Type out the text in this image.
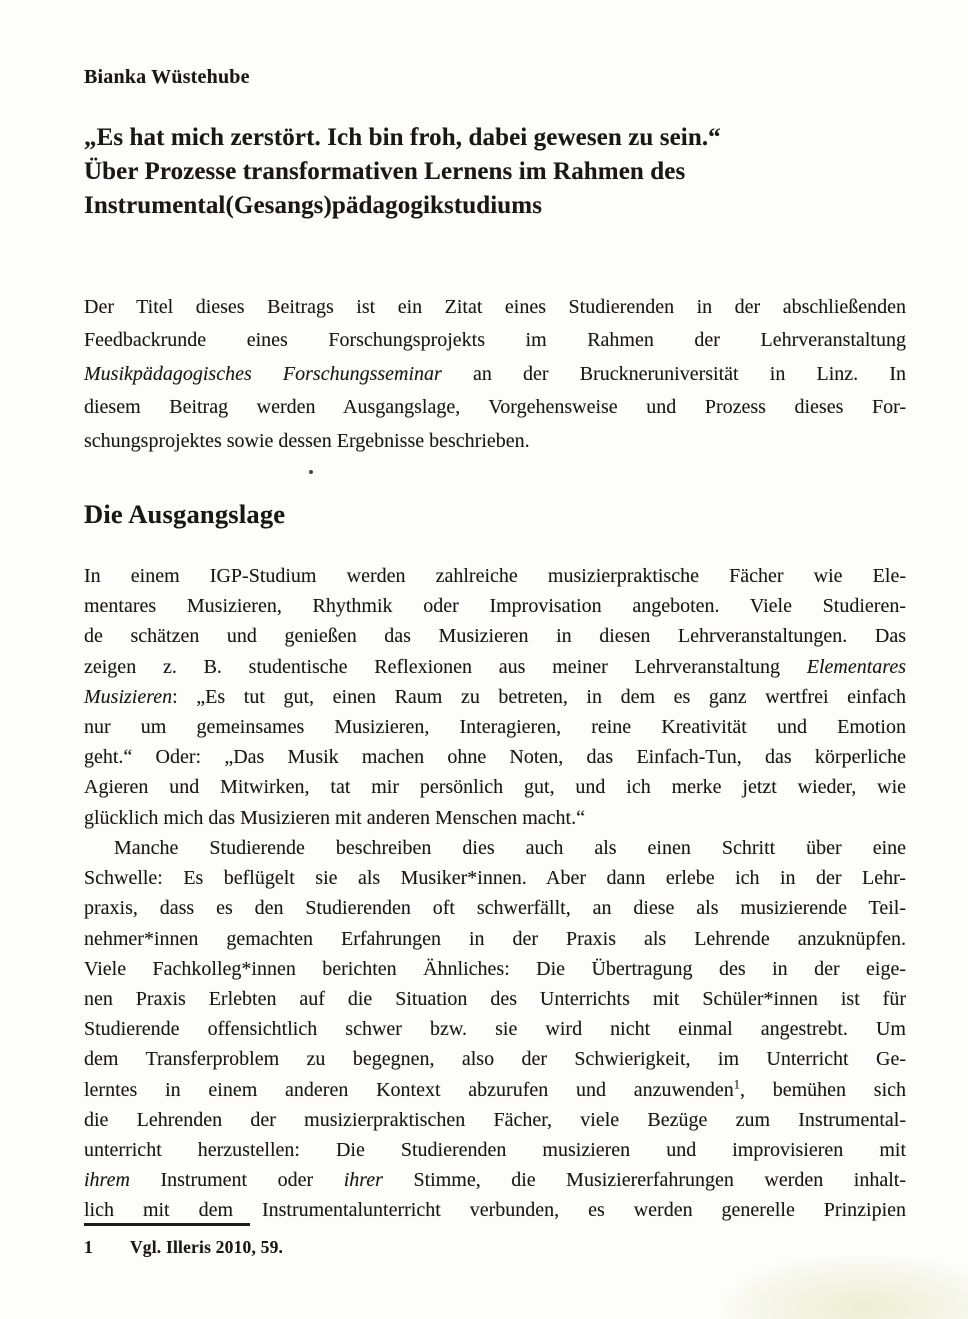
Bianka Wüstehube
„Es hat mich zerstört. Ich bin froh, dabei gewesen zu sein.“
Über Prozesse transformativen Lernens im Rahmen des
Instrumental(Gesangs)pädagogikstudiums
Der Titel dieses Beitrags ist ein Zitat eines Studierenden in der abschließenden
Feedbackrunde eines Forschungsprojekts im Rahmen der Lehrveranstaltung
Musikpädagogisches Forschungsseminar an der Bruckneruniversität in Linz. In
diesem Beitrag werden Ausgangslage, Vorgehensweise und Prozess dieses For-
schungsprojektes sowie dessen Ergebnisse beschrieben.
Die Ausgangslage
In einem IGP-Studium werden zahlreiche musizierpraktische Fächer wie Ele-
mentares Musizieren, Rhythmik oder Improvisation angeboten. Viele Studieren-
de schätzen und genießen das Musizieren in diesen Lehrveranstaltungen. Das
zeigen z. B. studentische Reflexionen aus meiner Lehrveranstaltung Elementares
Musizieren: „Es tut gut, einen Raum zu betreten, in dem es ganz wertfrei einfach
nur um gemeinsames Musizieren, Interagieren, reine Kreativität und Emotion
geht.“ Oder: „Das Musik machen ohne Noten, das Einfach-Tun, das körperliche
Agieren und Mitwirken, tat mir persönlich gut, und ich merke jetzt wieder, wie
glücklich mich das Musizieren mit anderen Menschen macht.“
Manche Studierende beschreiben dies auch als einen Schritt über eine
Schwelle: Es beflügelt sie als Musiker*innen. Aber dann erlebe ich in der Lehr-
praxis, dass es den Studierenden oft schwerfällt, an diese als musizierende Teil-
nehmer*innen gemachten Erfahrungen in der Praxis als Lehrende anzuknüpfen.
Viele Fachkolleg*innen berichten Ähnliches: Die Übertragung des in der eige-
nen Praxis Erlebten auf die Situation des Unterrichts mit Schüler*innen ist für
Studierende offensichtlich schwer bzw. sie wird nicht einmal angestrebt. Um
dem Transferproblem zu begegnen, also der Schwierigkeit, im Unterricht Ge-
lerntes in einem anderen Kontext abzurufen und anzuwenden$^1$, bemühen sich
die Lehrenden der musizierpraktischen Fächer, viele Bezüge zum Instrumental-
unterricht herzustellen: Die Studierenden musizieren und improvisieren mit
ihrem Instrument oder ihrer Stimme, die Musiziererfahrungen werden inhalt-
lich mit dem Instrumentalunterricht verbunden, es werden generelle Prinzipien
1 Vgl. Illeris 2010, 59.
